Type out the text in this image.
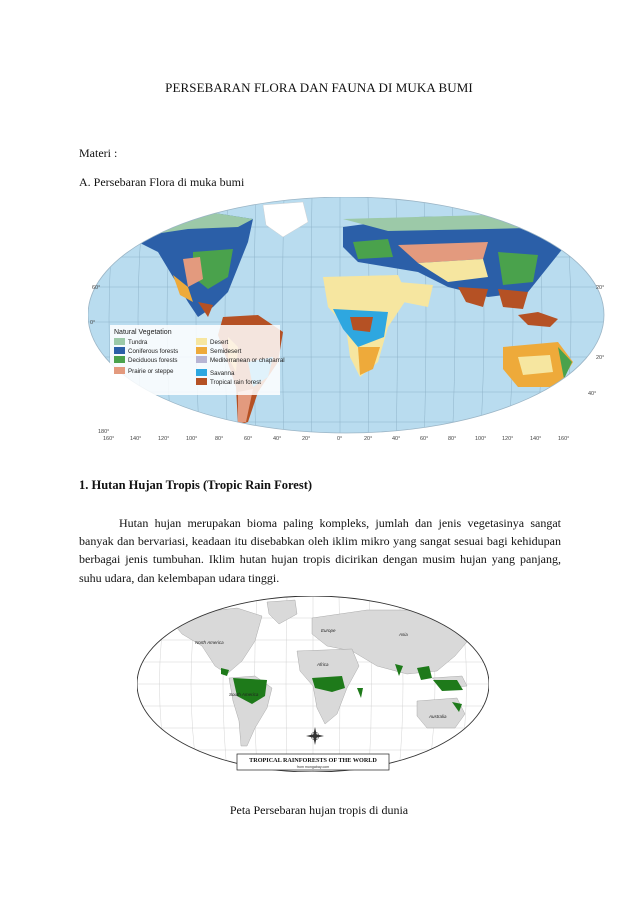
PERSEBARAN FLORA DAN FAUNA DI MUKA BUMI
Materi :
A. Persebaran Flora di muka bumi
Natural Vegetation
Tundra
Coniferous forests
Deciduous forests
Prairie or steppe
Desert
Semidesert
Mediterranean or chaparral
Savanna
Tropical rain forest
160°	140°	120°	100°	80°	60°	40°	20°	0°	20°	40°	60°	80°	100°	120°	140°	160°
180°
60°
0°
20°
20°
40°
1. Hutan Hujan Tropis (Tropic Rain Forest)
Hutan hujan merupakan bioma paling kompleks, jumlah dan jenis vegetasinya sangat banyak dan bervariasi, keadaan itu disebabkan oleh iklim mikro yang sangat sesuai bagi kehidupan berbagai jenis tumbuhan. Iklim hutan hujan tropis dicirikan dengan musim hujan yang panjang, suhu udara, dan kelembapan udara tinggi.
North America
South America
Europe
Asia
Africa
Australia
TROPICAL RAINFORESTS OF THE WORLD
from mongabay.com
Peta Persebaran hujan tropis di dunia
